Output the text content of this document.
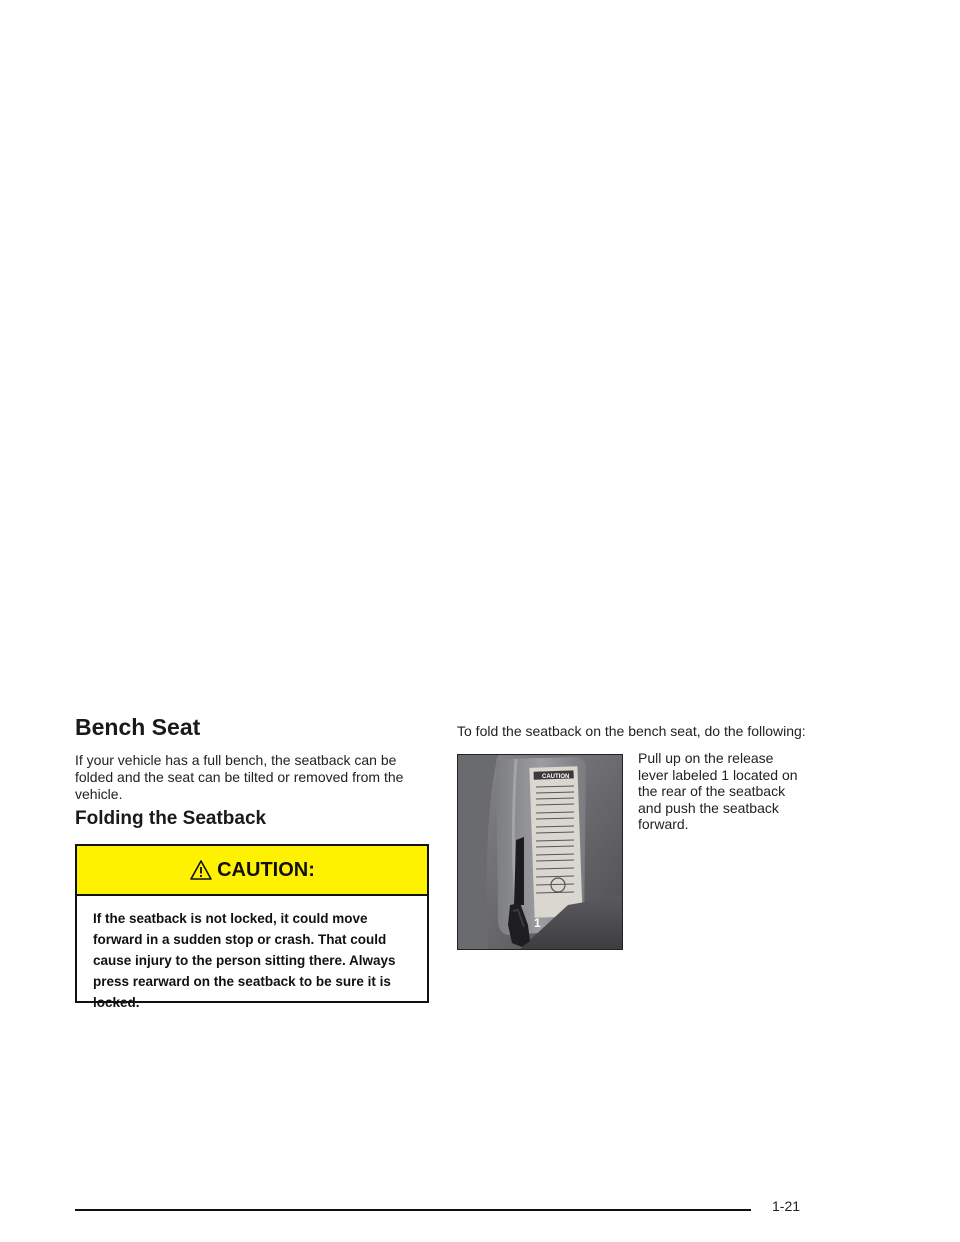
Bench Seat

If your vehicle has a full bench, the seatback can be folded and the seat can be tilted or removed from the vehicle.

Folding the Seatback
CAUTION:
If the seatback is not locked, it could move forward in a sudden stop or crash. That could cause injury to the person sitting there. Always press rearward on the seatback to be sure it is locked.

To fold the seatback on the bench seat, do the following:

CAUTION
1

Pull up on the release lever labeled 1 located on the rear of the seatback and push the seatback forward.

1-21
